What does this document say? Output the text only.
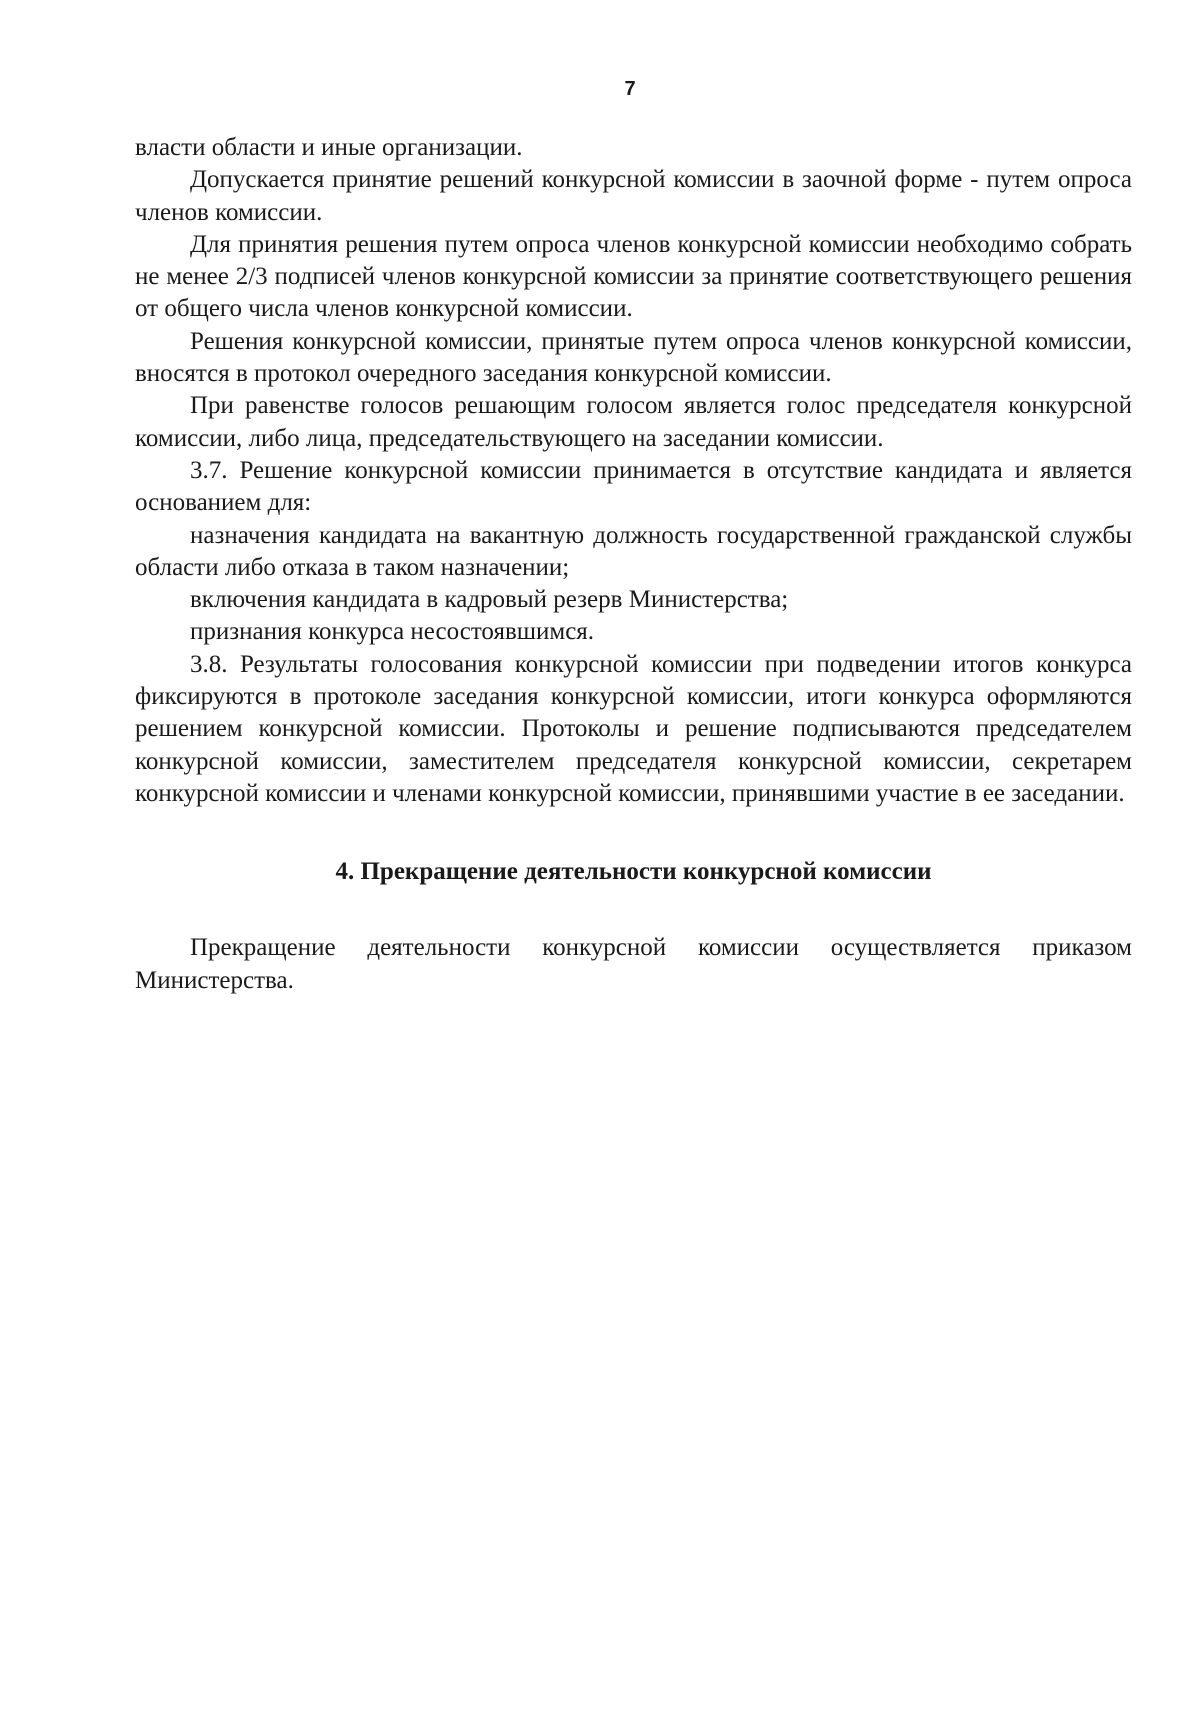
7

власти области и иные организации.

Допускается принятие решений конкурсной комиссии в заочной форме - путем опроса членов комиссии.

Для принятия решения путем опроса членов конкурсной комиссии необходимо собрать не менее 2/3 подписей членов конкурсной комиссии за принятие соответствующего решения от общего числа членов конкурсной комиссии.

Решения конкурсной комиссии, принятые путем опроса членов конкурсной комиссии, вносятся в протокол очередного заседания конкурсной комиссии.

При равенстве голосов решающим голосом является голос председателя конкурсной комиссии, либо лица, председательствующего на заседании комиссии.

3.7. Решение конкурсной комиссии принимается в отсутствие кандидата и является основанием для:

назначения кандидата на вакантную должность государственной гражданской службы области либо отказа в таком назначении;

включения кандидата в кадровый резерв Министерства;

признания конкурса несостоявшимся.

3.8. Результаты голосования конкурсной комиссии при подведении итогов конкурса фиксируются в протоколе заседания конкурсной комиссии, итоги конкурса оформляются решением конкурсной комиссии. Протоколы и решение подписываются председателем конкурсной комиссии, заместителем председателя конкурсной комиссии, секретарем конкурсной комиссии и членами конкурсной комиссии, принявшими участие в ее заседании.

4. Прекращение деятельности конкурсной комиссии

Прекращение деятельности конкурсной комиссии осуществляется приказом Министерства.
